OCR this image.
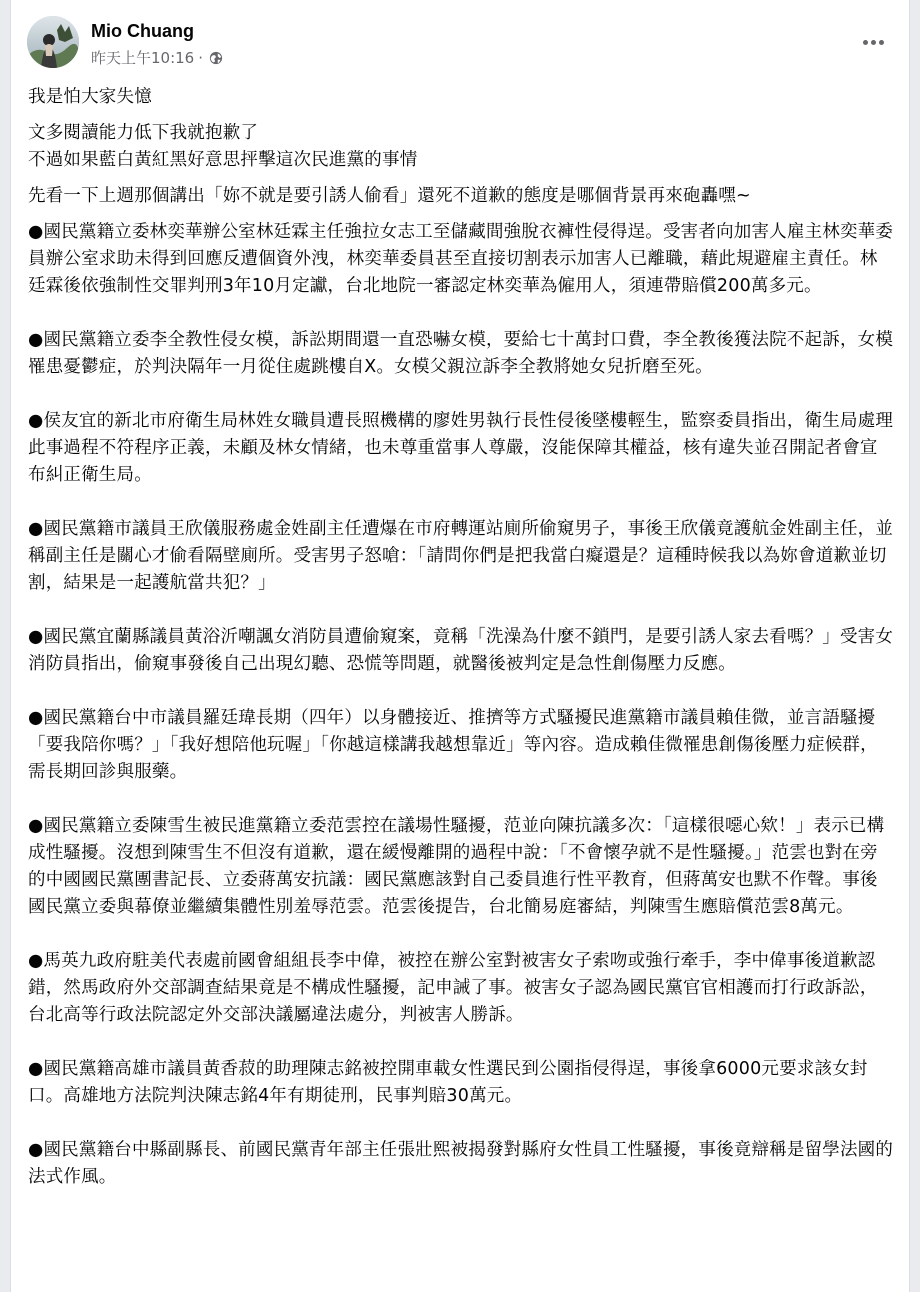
Mio Chuang
昨天上午10:16 ·

我是怕大家失憶

文多閱讀能力低下我就抱歉了
不過如果藍白黃紅黑好意思抨擊這次民進黨的事情

先看一下上週那個講出「妳不就是要引誘人偷看」還死不道歉的態度是哪個背景再來砲轟嘿~

●國民黨籍立委林奕華辦公室林廷霖主任強拉女志工至儲藏間強脫衣褲性侵得逞。受害者向加害人雇主林奕華委員辦公室求助未得到回應反遭個資外洩，林奕華委員甚至直接切割表示加害人已離職，藉此規避雇主責任。林廷霖後依強制性交罪判刑3年10月定讞，台北地院一審認定林奕華為僱用人，須連帶賠償200萬多元。

●國民黨籍立委李全教性侵女模，訴訟期間還一直恐嚇女模，要給七十萬封口費，李全教後獲法院不起訴，女模罹患憂鬱症，於判決隔年一月從住處跳樓自X。女模父親泣訴李全教將她女兒折磨至死。

●侯友宜的新北市府衛生局林姓女職員遭長照機構的廖姓男執行長性侵後墜樓輕生，監察委員指出，衛生局處理此事過程不符程序正義，未顧及林女情緒，也未尊重當事人尊嚴，沒能保障其權益，核有違失並召開記者會宣布糾正衛生局。

●國民黨籍市議員王欣儀服務處金姓副主任遭爆在市府轉運站廁所偷窺男子，事後王欣儀竟護航金姓副主任，並稱副主任是關心才偷看隔壁廁所。受害男子怒嗆：「請問你們是把我當白癡還是？這種時候我以為妳會道歉並切割，結果是一起護航當共犯？」

●國民黨宜蘭縣議員黃浴沂嘲諷女消防員遭偷窺案，竟稱「洗澡為什麼不鎖門，是要引誘人家去看嗎？」受害女消防員指出，偷窺事發後自己出現幻聽、恐慌等問題，就醫後被判定是急性創傷壓力反應。

●國民黨籍台中市議員羅廷瑋長期（四年）以身體接近、推擠等方式騷擾民進黨籍市議員賴佳微，並言語騷擾「要我陪你嗎？」「我好想陪他玩喔」「你越這樣講我越想靠近」等內容。造成賴佳微罹患創傷後壓力症候群，需長期回診與服藥。

●國民黨籍立委陳雪生被民進黨籍立委范雲控在議場性騷擾，范並向陳抗議多次：「這樣很噁心欸！」表示已構成性騷擾。沒想到陳雪生不但沒有道歉，還在緩慢離開的過程中說：「不會懷孕就不是性騷擾。」范雲也對在旁的中國國民黨團書記長、立委蔣萬安抗議：國民黨應該對自己委員進行性平教育，但蔣萬安也默不作聲。事後國民黨立委與幕僚並繼續集體性別羞辱范雲。范雲後提告，台北簡易庭審結，判陳雪生應賠償范雲8萬元。

●馬英九政府駐美代表處前國會組組長李中偉，被控在辦公室對被害女子索吻或強行牽手，李中偉事後道歉認錯，然馬政府外交部調查結果竟是不構成性騷擾，記申誡了事。被害女子認為國民黨官官相護而打行政訴訟，台北高等行政法院認定外交部決議屬違法處分，判被害人勝訴。

●國民黨籍高雄市議員黃香菽的助理陳志銘被控開車載女性選民到公園指侵得逞，事後拿6000元要求該女封口。高雄地方法院判決陳志銘4年有期徒刑，民事判賠30萬元。

●國民黨籍台中縣副縣長、前國民黨青年部主任張壯熙被揭發對縣府女性員工性騷擾，事後竟辯稱是留學法國的法式作風。
